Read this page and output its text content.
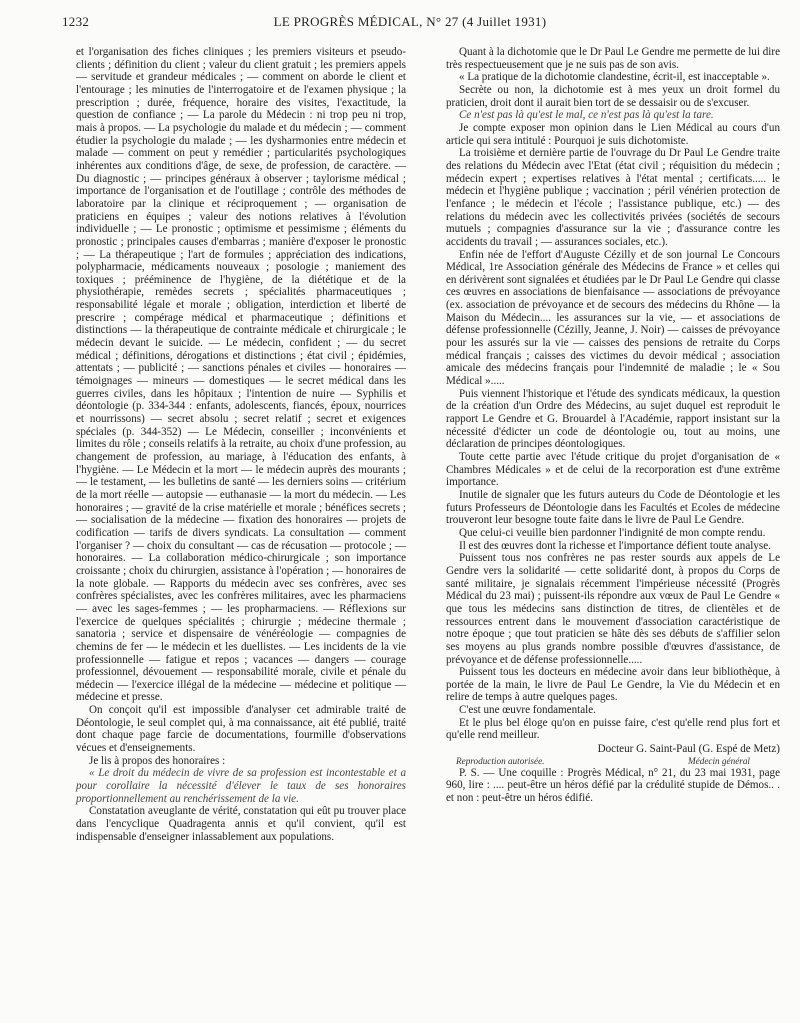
1232	LE PROGRÈS MÉDICAL, N° 27 (4 Juillet 1931)

et l'organisation des fiches cliniques ; les premiers visiteurs et pseudo-clients ; définition du client ; valeur du client gratuit ; les premiers appels — servitude et grandeur médicales ; — comment on aborde le client et l'entourage ; les minuties de l'interrogatoire et de l'examen physique ; la prescription ; durée, fréquence, horaire des visites, l'exactitude, la question de confiance ; — La parole du Médecin : ni trop peu ni trop, mais à propos. — La psychologie du malade et du médecin ; — comment étudier la psychologie du malade ; — les dysharmonies entre médecin et malade — comment on peut y remédier ; particularités psychologiques inhérentes aux conditions d'âge, de sexe, de profession, de caractère. — Du diagnostic ; — principes généraux à observer ; taylorisme médical ; importance de l'organisation et de l'outillage ; contrôle des méthodes de laboratoire par la clinique et réciproquement ; — organisation de praticiens en équipes ; valeur des notions relatives à l'évolution individuelle ; — Le pronostic ; optimisme et pessimisme ; éléments du pronostic ; principales causes d'embarras ; manière d'exposer le pronostic ; — La thérapeutique ; l'art de formules ; appréciation des indications, polypharmacie, médicaments nouveaux ; posologie ; maniement des toxiques ; prééminence de l'hygiène, de la diététique et de la physiothérapie, remèdes secrets ; spécialités pharmaceutiques ; responsabilité légale et morale ; obligation, interdiction et liberté de prescrire ; compérage médical et pharmaceutique ; définitions et distinctions — la thérapeutique de contrainte médicale et chirurgicale ; le médecin devant le suicide. — Le médecin, confident ; — du secret médical ; définitions, dérogations et distinctions ; état civil ; épidémies, attentats ; — publicité ; — sanctions pénales et civiles — honoraires — témoignages — mineurs — domestiques — le secret médical dans les guerres civiles, dans les hôpitaux ; l'intention de nuire — Syphilis et déontologie (p. 334-344 : enfants, adolescents, fiancés, époux, nourrices et nourrissons) — secret absolu ; secret relatif ; secret et exigences spéciales (p. 344-352) — Le Médecin, conseiller ; inconvénients et limites du rôle ; conseils relatifs à la retraite, au choix d'une profession, au changement de profession, au mariage, à l'éducation des enfants, à l'hygiène. — Le Médecin et la mort — le médecin auprès des mourants ; — le testament, — les bulletins de santé — les derniers soins — critérium de la mort réelle — autopsie — euthanasie — la mort du médecin. — Les honoraires ; — gravité de la crise matérielle et morale ; bénéfices secrets ; — socialisation de la médecine — fixation des honoraires — projets de codification — tarifs de divers syndicats. La consultation — comment l'organiser ? — choix du consultant — cas de récusation — protocole ; — honoraires. — La collaboration médico-chirurgicale ; son importance croissante ; choix du chirurgien, assistance à l'opération ; — honoraires de la note globale. — Rapports du médecin avec ses confrères, avec ses confrères spécialistes, avec les confrères militaires, avec les pharmaciens — avec les sages-femmes ; — les propharmaciens. — Réflexions sur l'exercice de quelques spécialités ; chirurgie ; médecine thermale ; sanatoria ; service et dispensaire de vénéréologie — compagnies de chemins de fer — le médecin et les duellistes. — Les incidents de la vie professionnelle — fatigue et repos ; vacances — dangers — courage professionnel, dévouement — responsabilité morale, civile et pénale du médecin — l'exercice illégal de la médecine — médecine et politique — médecine et presse.

On conçoit qu'il est impossible d'analyser cet admirable traité de Déontologie, le seul complet qui, à ma connaissance, ait été publié, traité dont chaque page farcie de documentations, fourmille d'observations vécues et d'enseignements.

Je lis à propos des honoraires :

« Le droit du médecin de vivre de sa profession est incontestable et a pour corollaire la nécessité d'élever le taux de ses honoraires proportionnellement au renchérissement de la vie.

Constatation aveuglante de vérité, constatation qui eût pu trouver place dans l'encyclique Quadragenta annis et qu'il convient, qu'il est indispensable d'enseigner inlassablement aux populations.

Quant à la dichotomie que le Dr Paul Le Gendre me permette de lui dire très respectueusement que je ne suis pas de son avis.

« La pratique de la dichotomie clandestine, écrit-il, est inacceptable ».

Secrète ou non, la dichotomie est à mes yeux un droit formel du praticien, droit dont il aurait bien tort de se dessaisir ou de s'excuser.

Ce n'est pas là qu'est le mal, ce n'est pas là qu'est la tare.

Je compte exposer mon opinion dans le Lien Médical au cours d'un article qui sera intitulé : Pourquoi je suis dichotomiste.

La troisième et dernière partie de l'ouvrage du Dr Paul Le Gendre traite des relations du Médecin avec l'Etat (état civil ; réquisition du médecin ; médecin expert ; expertises relatives à l'état mental ; certificats..... le médecin et l'hygiène publique ; vaccination ; péril vénérien protection de l'enfance ; le médecin et l'école ; l'assistance publique, etc.) — des relations du médecin avec les collectivités privées (sociétés de secours mutuels ; compagnies d'assurance sur la vie ; d'assurance contre les accidents du travail ; — assurances sociales, etc.).

Enfin née de l'effort d'Auguste Cézilly et de son journal Le Concours Médical, 1re Association générale des Médecins de France » et celles qui en dérivèrent sont signalées et étudiées par le Dr Paul Le Gendre qui classe ces œuvres en associations de bienfaisance — associations de prévoyance (ex. association de prévoyance et de secours des médecins du Rhône — la Maison du Médecin.... les assurances sur la vie, — et associations de défense professionnelle (Cézilly, Jeanne, J. Noir) — caisses de prévoyance pour les assurés sur la vie — caisses des pensions de retraite du Corps médical français ; caisses des victimes du devoir médical ; association amicale des médecins français pour l'indemnité de maladie ; le « Sou Médical ».....

Puis viennent l'historique et l'étude des syndicats médicaux, la question de la création d'un Ordre des Médecins, au sujet duquel est reproduit le rapport Le Gendre et G. Brouardel à l'Académie, rapport insistant sur la nécessité d'édicter un code de déontologie ou, tout au moins, une déclaration de principes déontologiques.

Toute cette partie avec l'étude critique du projet d'organisation de « Chambres Médicales » et de celui de la recorporation est d'une extrême importance.

Inutile de signaler que les futurs auteurs du Code de Déontologie et les futurs Professeurs de Déontologie dans les Facultés et Ecoles de médecine trouveront leur besogne toute faite dans le livre de Paul Le Gendre.

Que celui-ci veuille bien pardonner l'indignité de mon compte rendu.

Il est des œuvres dont la richesse et l'importance défient toute analyse.

Puissent tous nos confrères ne pas rester sourds aux appels de Le Gendre vers la solidarité — cette solidarité dont, à propos du Corps de santé militaire, je signalais récemment l'impérieuse nécessité (Progrès Médical du 23 mai) ; puissent-ils répondre aux vœux de Paul Le Gendre « que tous les médecins sans distinction de titres, de clientèles et de ressources entrent dans le mouvement d'association caractéristique de notre époque ; que tout praticien se hâte dès ses débuts de s'affilier selon ses moyens au plus grands nombre possible d'œuvres d'assistance, de prévoyance et de défense professionnelle.....

Puissent tous les docteurs en médecine avoir dans leur bibliothèque, à portée de la main, le livre de Paul Le Gendre, la Vie du Médecin et en relire de temps à autre quelques pages.

C'est une œuvre fondamentale.

Et le plus bel éloge qu'on en puisse faire, c'est qu'elle rend plus fort et qu'elle rend meilleur.

Docteur G. Saint-Paul (G. Espé de Metz)

Reproduction autorisée.	Médecin général

P. S. — Une coquille : Progrès Médical, n° 21, du 23 mai 1931, page 960, lire : .... peut-être un héros défié par la crédulité stupide de Démos.. . et non : peut-être un héros édifié.
